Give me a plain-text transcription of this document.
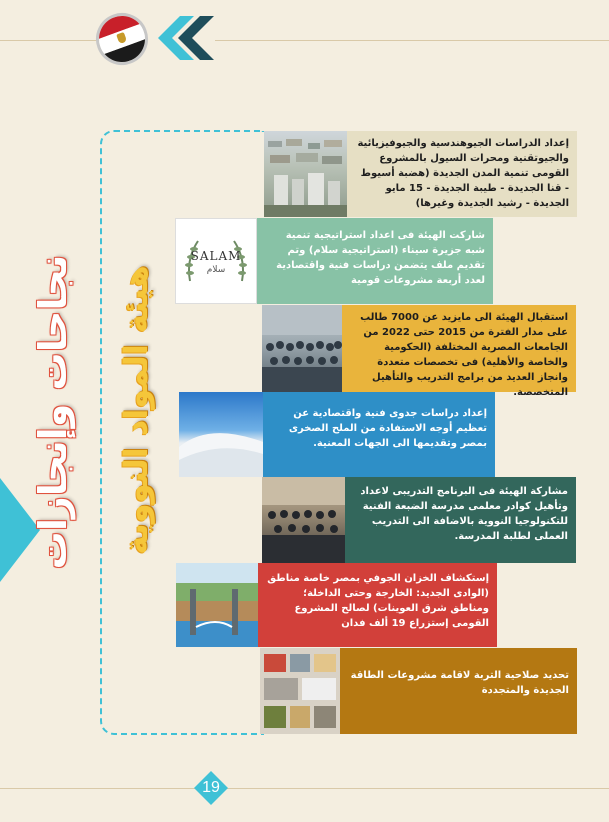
نجاحات وإنجازات هيئة المواد النووية
إعداد الدراسات الجيوهندسية والجيوفيزيائية والجيوتقنية ومحرات السيول بالمشروع القومى تنمية المدن الجديدة (هضبة أسيوط - قنا الجديدة - طيبة الجديدة - 15 مايو الجديدة - رشيد الجديدة وغيرها)
SALAM
سلام
شاركت الهيئة فى اعداد استراتيجية تنمية شبه جزيرة سيناء (استراتيجية سلام) وتم تقديم ملف يتضمن دراسات فنية واقتصادية لعدد أربعة مشروعات قومية
استقبال الهيئة الى مايزيد عن 7000 طالب على مدار الفترة من 2015 حتى 2022 من الجامعات المصرية المختلفة (الحكومية والخاصة والأهلية) فى تخصصات متعددة وانجاز العديد من برامج التدريب والتأهيل المتخصصة.
إعداد دراسات جدوى فنية واقتصادية عن تعظيم أوجه الاستفادة من الملح الصخرى بمصر وتقديمها الى الجهات المعنية.
مشاركة الهيئة فى البرنامج التدريبى لاعداد وتأهيل كوادر معلمى مدرسة الضبعة الفنية للتكنولوجيا النووية بالاضافة الى التدريب العملى لطلبة المدرسة.
إستكشاف الخزان الجوفي بمصر خاصة مناطق (الوادى الجديد: الخارجة وحتى الداخلة؛ ومناطق شرق العوينات) لصالح المشروع القومى إستزراع 19 ألف فدان
تحديد صلاحية التربة لاقامة مشروعات الطاقة الجديدة والمتجددة
19
